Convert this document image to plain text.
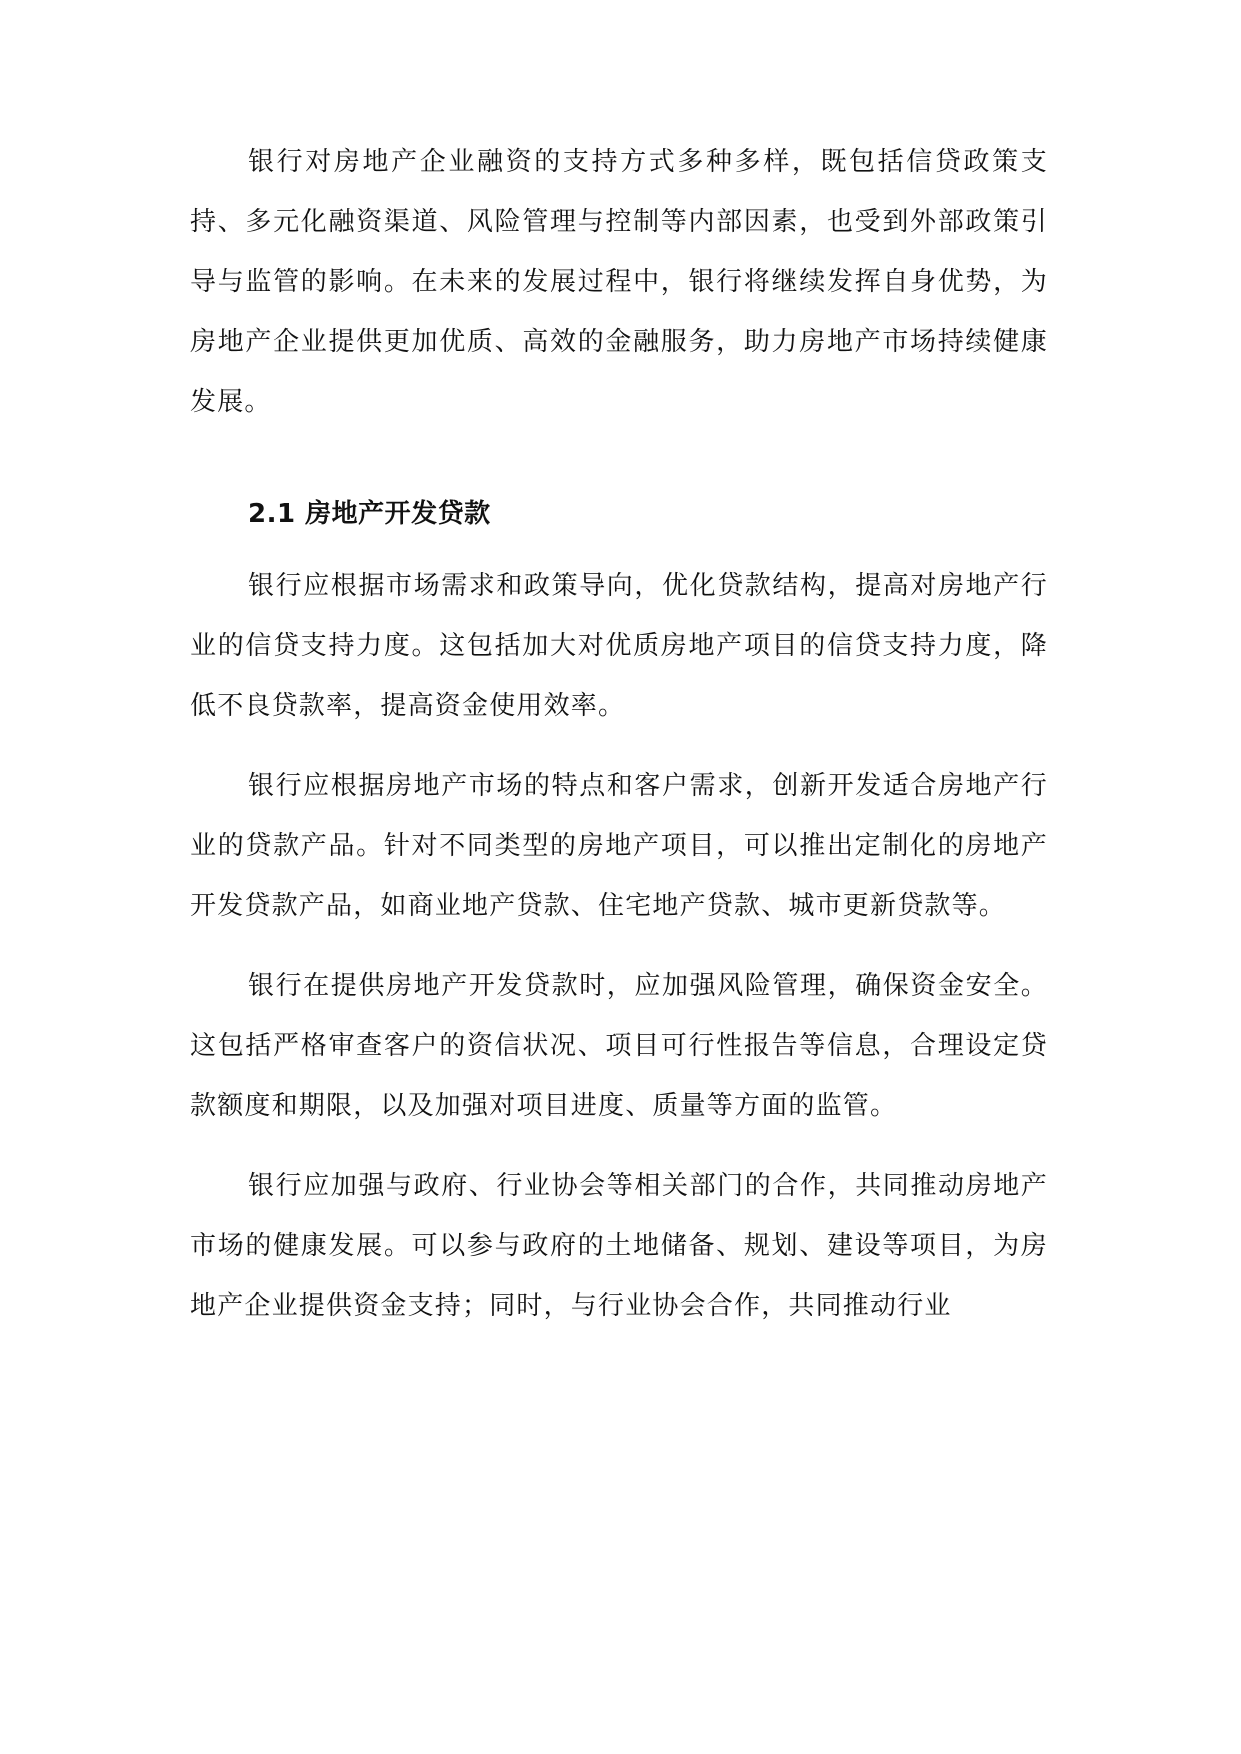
银行对房地产企业融资的支持方式多种多样，既包括信贷政策支持、多元化融资渠道、风险管理与控制等内部因素，也受到外部政策引导与监管的影响。在未来的发展过程中，银行将继续发挥自身优势，为房地产企业提供更加优质、高效的金融服务，助力房地产市场持续健康发展。

2.1 房地产开发贷款

银行应根据市场需求和政策导向，优化贷款结构，提高对房地产行业的信贷支持力度。这包括加大对优质房地产项目的信贷支持力度，降低不良贷款率，提高资金使用效率。

银行应根据房地产市场的特点和客户需求，创新开发适合房地产行业的贷款产品。针对不同类型的房地产项目，可以推出定制化的房地产开发贷款产品，如商业地产贷款、住宅地产贷款、城市更新贷款等。

银行在提供房地产开发贷款时，应加强风险管理，确保资金安全。这包括严格审查客户的资信状况、项目可行性报告等信息，合理设定贷款额度和期限，以及加强对项目进度、质量等方面的监管。

银行应加强与政府、行业协会等相关部门的合作，共同推动房地产市场的健康发展。可以参与政府的土地储备、规划、建设等项目，为房地产企业提供资金支持；同时，与行业协会合作，共同推动行业
